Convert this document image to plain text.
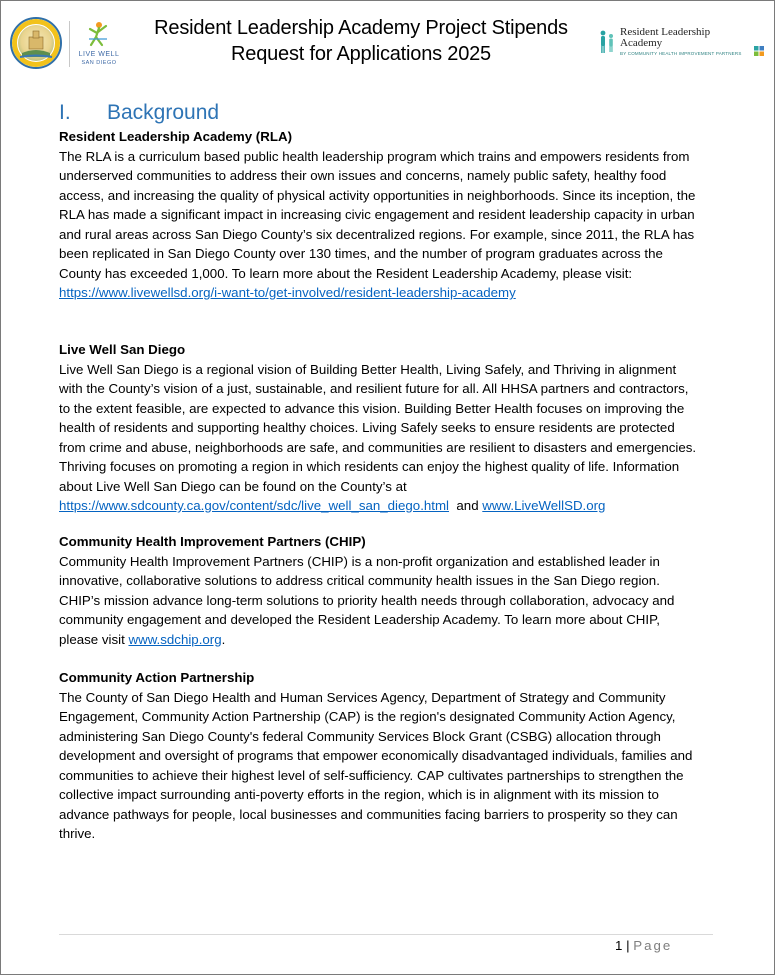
LIVE WELL
SAN DIEGO
Resident Leadership Academy Project Stipends
Request for Applications 2025
Resident Leadership
Academy
BY COMMUNITY HEALTH IMPROVEMENT PARTNERS
I. Background
Resident Leadership Academy (RLA)

The RLA is a curriculum based public health leadership program which trains and empowers residents from underserved communities to address their own issues and concerns, namely public safety, healthy food access, and increasing the quality of physical activity opportunities in neighborhoods. Since its inception, the RLA has made a significant impact in increasing civic engagement and resident leadership capacity in urban and rural areas across San Diego County’s six decentralized regions. For example, since 2011, the RLA has been replicated in San Diego County over 130 times, and the number of program graduates across the County has exceeded 1,000. To learn more about the Resident Leadership Academy, please visit: https://www.livewellsd.org/i-want-to/get-involved/resident-leadership-academy

Live Well San Diego

Live Well San Diego is a regional vision of Building Better Health, Living Safely, and Thriving in alignment with the County’s vision of a just, sustainable, and resilient future for all. All HHSA partners and contractors, to the extent feasible, are expected to advance this vision. Building Better Health focuses on improving the health of residents and supporting healthy choices. Living Safely seeks to ensure residents are protected from crime and abuse, neighborhoods are safe, and communities are resilient to disasters and emergencies. Thriving focuses on promoting a region in which residents can enjoy the highest quality of life. Information about Live Well San Diego can be found on the County’s at https://www.sdcounty.ca.gov/content/sdc/live_well_san_diego.html  and www.LiveWellSD.org

Community Health Improvement Partners (CHIP)

Community Health Improvement Partners (CHIP) is a non-profit organization and established leader in innovative, collaborative solutions to address critical community health issues in the San Diego region. CHIP’s mission advance long-term solutions to priority health needs through collaboration, advocacy and community engagement and developed the Resident Leadership Academy. To learn more about CHIP, please visit www.sdchip.org.

Community Action Partnership

The County of San Diego Health and Human Services Agency, Department of Strategy and Community Engagement, Community Action Partnership (CAP) is the region's designated Community Action Agency, administering San Diego County's federal Community Services Block Grant (CSBG) allocation through development and oversight of programs that empower economically disadvantaged individuals, families and communities to achieve their highest level of self-sufficiency. CAP cultivates partnerships to strengthen the collective impact surrounding anti-poverty efforts in the region, which is in alignment with its mission to advance pathways for people, local businesses and communities facing barriers to prosperity so they can thrive.

1 | Page
